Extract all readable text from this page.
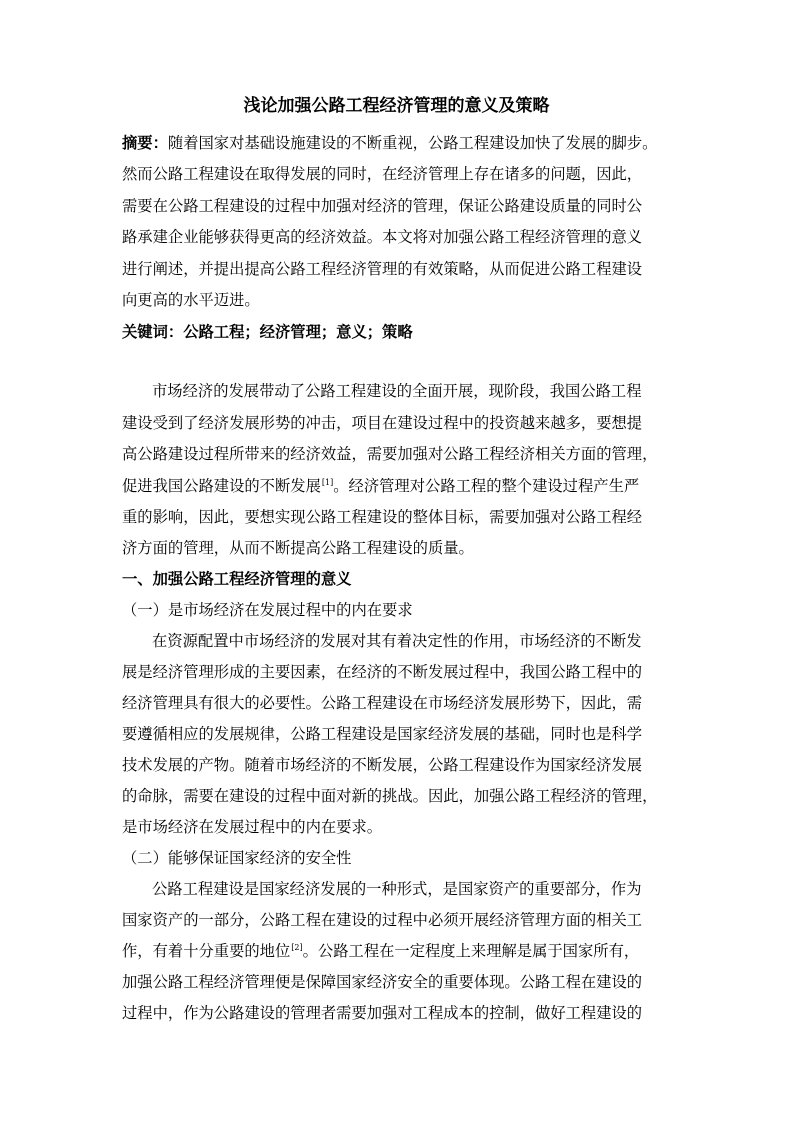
浅论加强公路工程经济管理的意义及策略

摘要：随着国家对基础设施建设的不断重视，公路工程建设加快了发展的脚步。

然而公路工程建设在取得发展的同时，在经济管理上存在诸多的问题，因此，

需要在公路工程建设的过程中加强对经济的管理，保证公路建设质量的同时公

路承建企业能够获得更高的经济效益。本文将对加强公路工程经济管理的意义

进行阐述，并提出提高公路工程经济管理的有效策略，从而促进公路工程建设

向更高的水平迈进。

关键词：公路工程；经济管理；意义；策略

市场经济的发展带动了公路工程建设的全面开展，现阶段，我国公路工程

建设受到了经济发展形势的冲击，项目在建设过程中的投资越来越多，要想提

高公路建设过程所带来的经济效益，需要加强对公路工程经济相关方面的管理，

促进我国公路建设的不断发展[1]。经济管理对公路工程的整个建设过程产生严

重的影响，因此，要想实现公路工程建设的整体目标，需要加强对公路工程经

济方面的管理，从而不断提高公路工程建设的质量。

一、加强公路工程经济管理的意义

（一）是市场经济在发展过程中的内在要求

在资源配置中市场经济的发展对其有着决定性的作用，市场经济的不断发

展是经济管理形成的主要因素，在经济的不断发展过程中，我国公路工程中的

经济管理具有很大的必要性。公路工程建设在市场经济发展形势下，因此，需

要遵循相应的发展规律，公路工程建设是国家经济发展的基础，同时也是科学

技术发展的产物。随着市场经济的不断发展，公路工程建设作为国家经济发展

的命脉，需要在建设的过程中面对新的挑战。因此，加强公路工程经济的管理，

是市场经济在发展过程中的内在要求。

（二）能够保证国家经济的安全性

公路工程建设是国家经济发展的一种形式，是国家资产的重要部分，作为

国家资产的一部分，公路工程在建设的过程中必须开展经济管理方面的相关工

作，有着十分重要的地位[2]。公路工程在一定程度上来理解是属于国家所有，

加强公路工程经济管理便是保障国家经济安全的重要体现。公路工程在建设的

过程中，作为公路建设的管理者需要加强对工程成本的控制，做好工程建设的
